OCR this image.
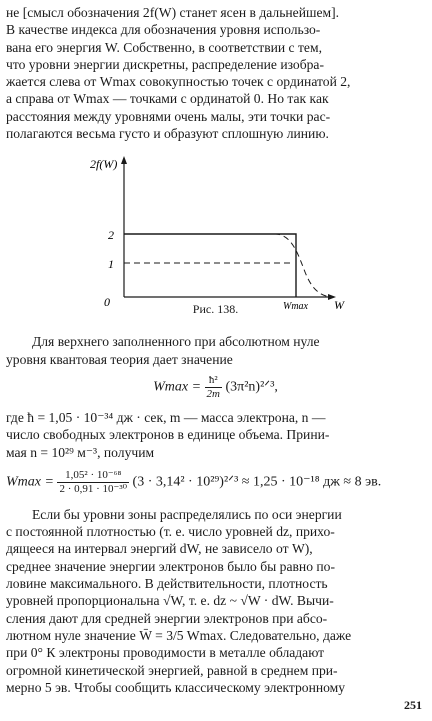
не [смысл обозначения 2f(W) станет ясен в дальнейшем].
В качестве индекса для обозначения уровня использо-
вана его энергия W. Собственно, в соответствии с тем,
что уровни энергии дискретны, распределение изобра-
жается слева от Wmax совокупностью точек с ординатой 2,
а справа от Wmax — точками с ординатой 0. Но так как
расстояния между уровнями очень малы, эти точки рас-
полагаются весьма густо и образуют сплошную линию.

2f(W)
2
1
0	Wmax W
Рис. 138.

Для верхнего заполненного при абсолютном нуле
уровня квантовая теория дает значение

$Wmax = \frac{\text{ħ²}}{2m}$ (3π²n)²ᐟ³,

где ħ = 1,05 · 10⁻³⁴ дж · сек, m — масса электрона, n —
число свободных электронов в единице объема. Прини-
мая n = 10²⁹ м⁻³, получим

$Wmax = \frac{\text{1,05² · 10⁻⁶⁸}}{\text{2 · 0,91 · 10⁻³⁰}} (3 \cdot 3,14^2$ · 10²⁹)²ᐟ³ ≈ 1,25 · 10⁻¹⁸ дж ≈ 8 эв.

Если бы уровни зоны распределялись по оси энергии
с постоянной плотностью (т. е. число уровней dz, прихо-
дящееся на интервал энергий dW, не зависело от W),
среднее значение энергии электронов было бы равно по-
ловине максимального. В действительности, плотность
уровней пропорциональна √W, т. е. dz ~ √W · dW. Вычи-
сления дают для средней энергии электронов при абсо-
лютном нуле значение W̄ = 3/5 Wmax. Следовательно, даже
при 0° К электроны проводимости в металле обладают
огромной кинетической энергией, равной в среднем при-
мерно 5 эв. Чтобы сообщить классическому электронному

251
